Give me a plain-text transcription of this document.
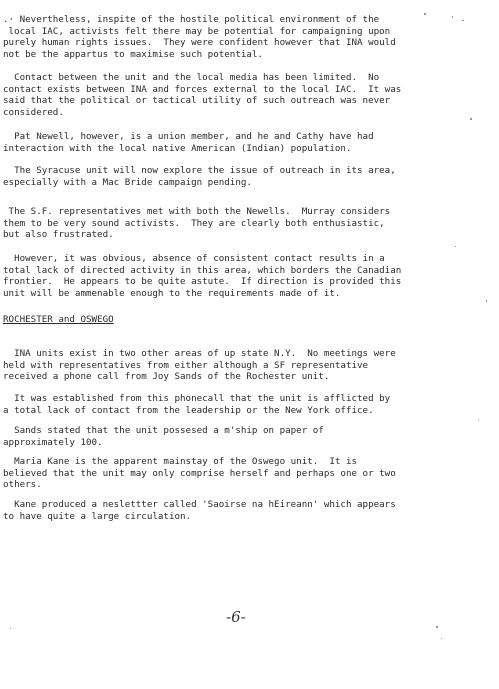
.· Nevertheless, inspite of the hostile political environment of the
local IAC, activists felt there may be potential for campaigning upon
purely human rights issues.  They were confident however that INA would
not be the appartus to maximise such potential.

Contact between the unit and the local media has been limited.  No
contact exists between INA and forces external to the local IAC.  It was
said that the political or tactical utility of such outreach was never
considered.

Pat Newell, however, is a union member, and he and Cathy have had
interaction with the local native American (Indian) population.

The Syracuse unit will now explore the issue of outreach in its area,
especially with a Mac Bride campaign pending.

The S.F. representatives met with both the Newells.  Murray considers
them to be very sound activists.  They are clearly both enthusiastic,
but also frustrated.

However, it was obvious, absence of consistent contact results in a
total lack of directed activity in this area, which borders the Canadian
frontier.  He appears to be quite astute.  If direction is provided this
unit will be ammenable enough to the requirements made of it.

ROCHESTER and OSWEGO

INA units exist in two other areas of up state N.Y.  No meetings were
held with representatives from either although a SF representative
received a phone call from Joy Sands of the Rochester unit.

It was established from this phonecall that the unit is afflicted by
a total lack of contact from the leadership or the New York office.

Sands stated that the unit possesed a m'ship on paper of
approximately 100.

Maria Kane is the apparent mainstay of the Oswego unit.  It is
believed that the unit may only comprise herself and perhaps one or two
others.

Kane produced a neslettter called 'Saoirse na hEireann' which appears
to have quite a large circulation.

-6-
